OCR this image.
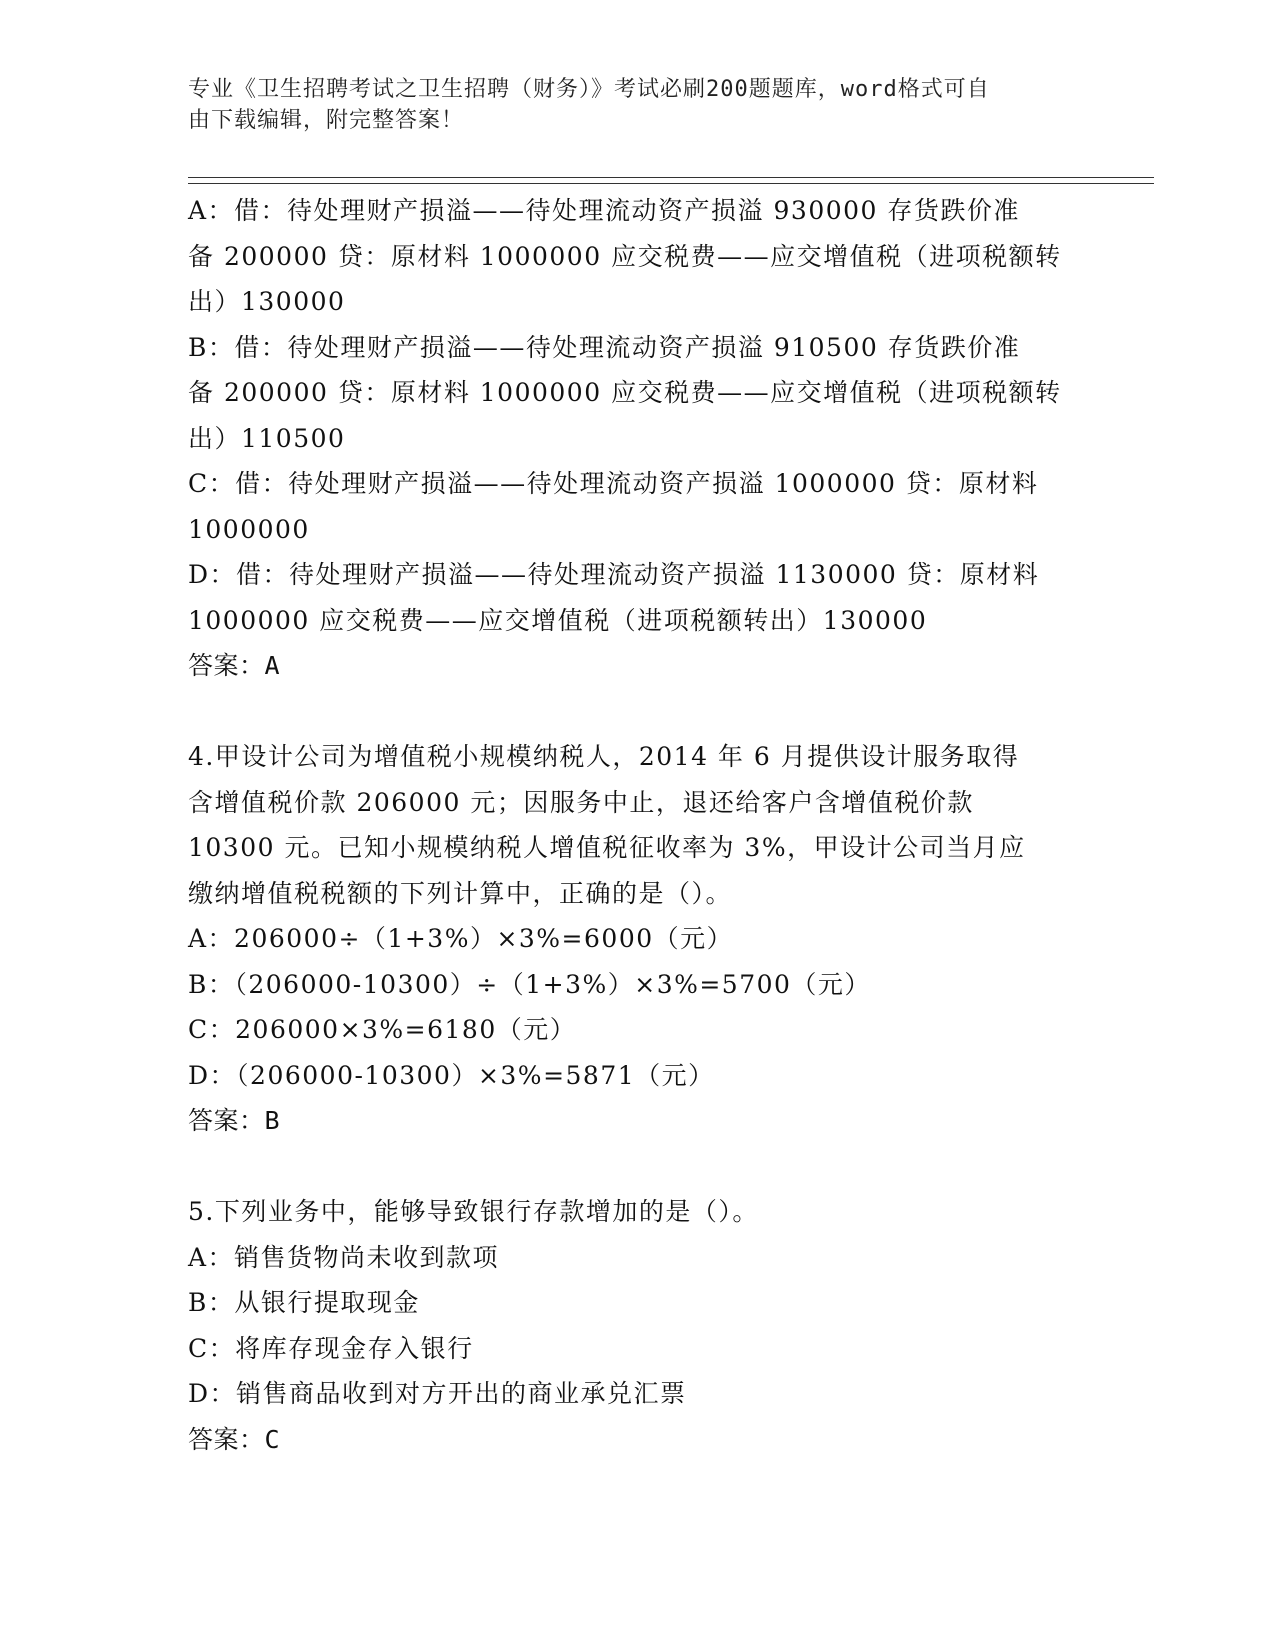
专业《卫生招聘考试之卫生招聘（财务）》考试必刷200题题库，word格式可自
由下载编辑，附完整答案！

A：借：待处理财产损溢——待处理流动资产损溢 930000 存货跌价准

备 200000 贷：原材料 1000000 应交税费——应交增值税（进项税额转

出）130000

B：借：待处理财产损溢——待处理流动资产损溢 910500 存货跌价准

备 200000 贷：原材料 1000000 应交税费——应交增值税（进项税额转

出）110500

C：借：待处理财产损溢——待处理流动资产损溢 1000000 贷：原材料

1000000

D：借：待处理财产损溢——待处理流动资产损溢 1130000 贷：原材料

1000000 应交税费——应交增值税（进项税额转出）130000

答案：A

4.甲设计公司为增值税小规模纳税人，2014 年 6 月提供设计服务取得

含增值税价款 206000 元；因服务中止，退还给客户含增值税价款

10300 元。已知小规模纳税人增值税征收率为 3%，甲设计公司当月应

缴纳增值税税额的下列计算中，正确的是（）。

A：206000÷（1+3%）×3%=6000（元）

B：（206000-10300）÷（1+3%）×3%=5700（元）

C：206000×3%=6180（元）

D：（206000-10300）×3%=5871（元）

答案：B

5.下列业务中，能够导致银行存款增加的是（）。

A：销售货物尚未收到款项

B：从银行提取现金

C：将库存现金存入银行

D：销售商品收到对方开出的商业承兑汇票

答案：C
